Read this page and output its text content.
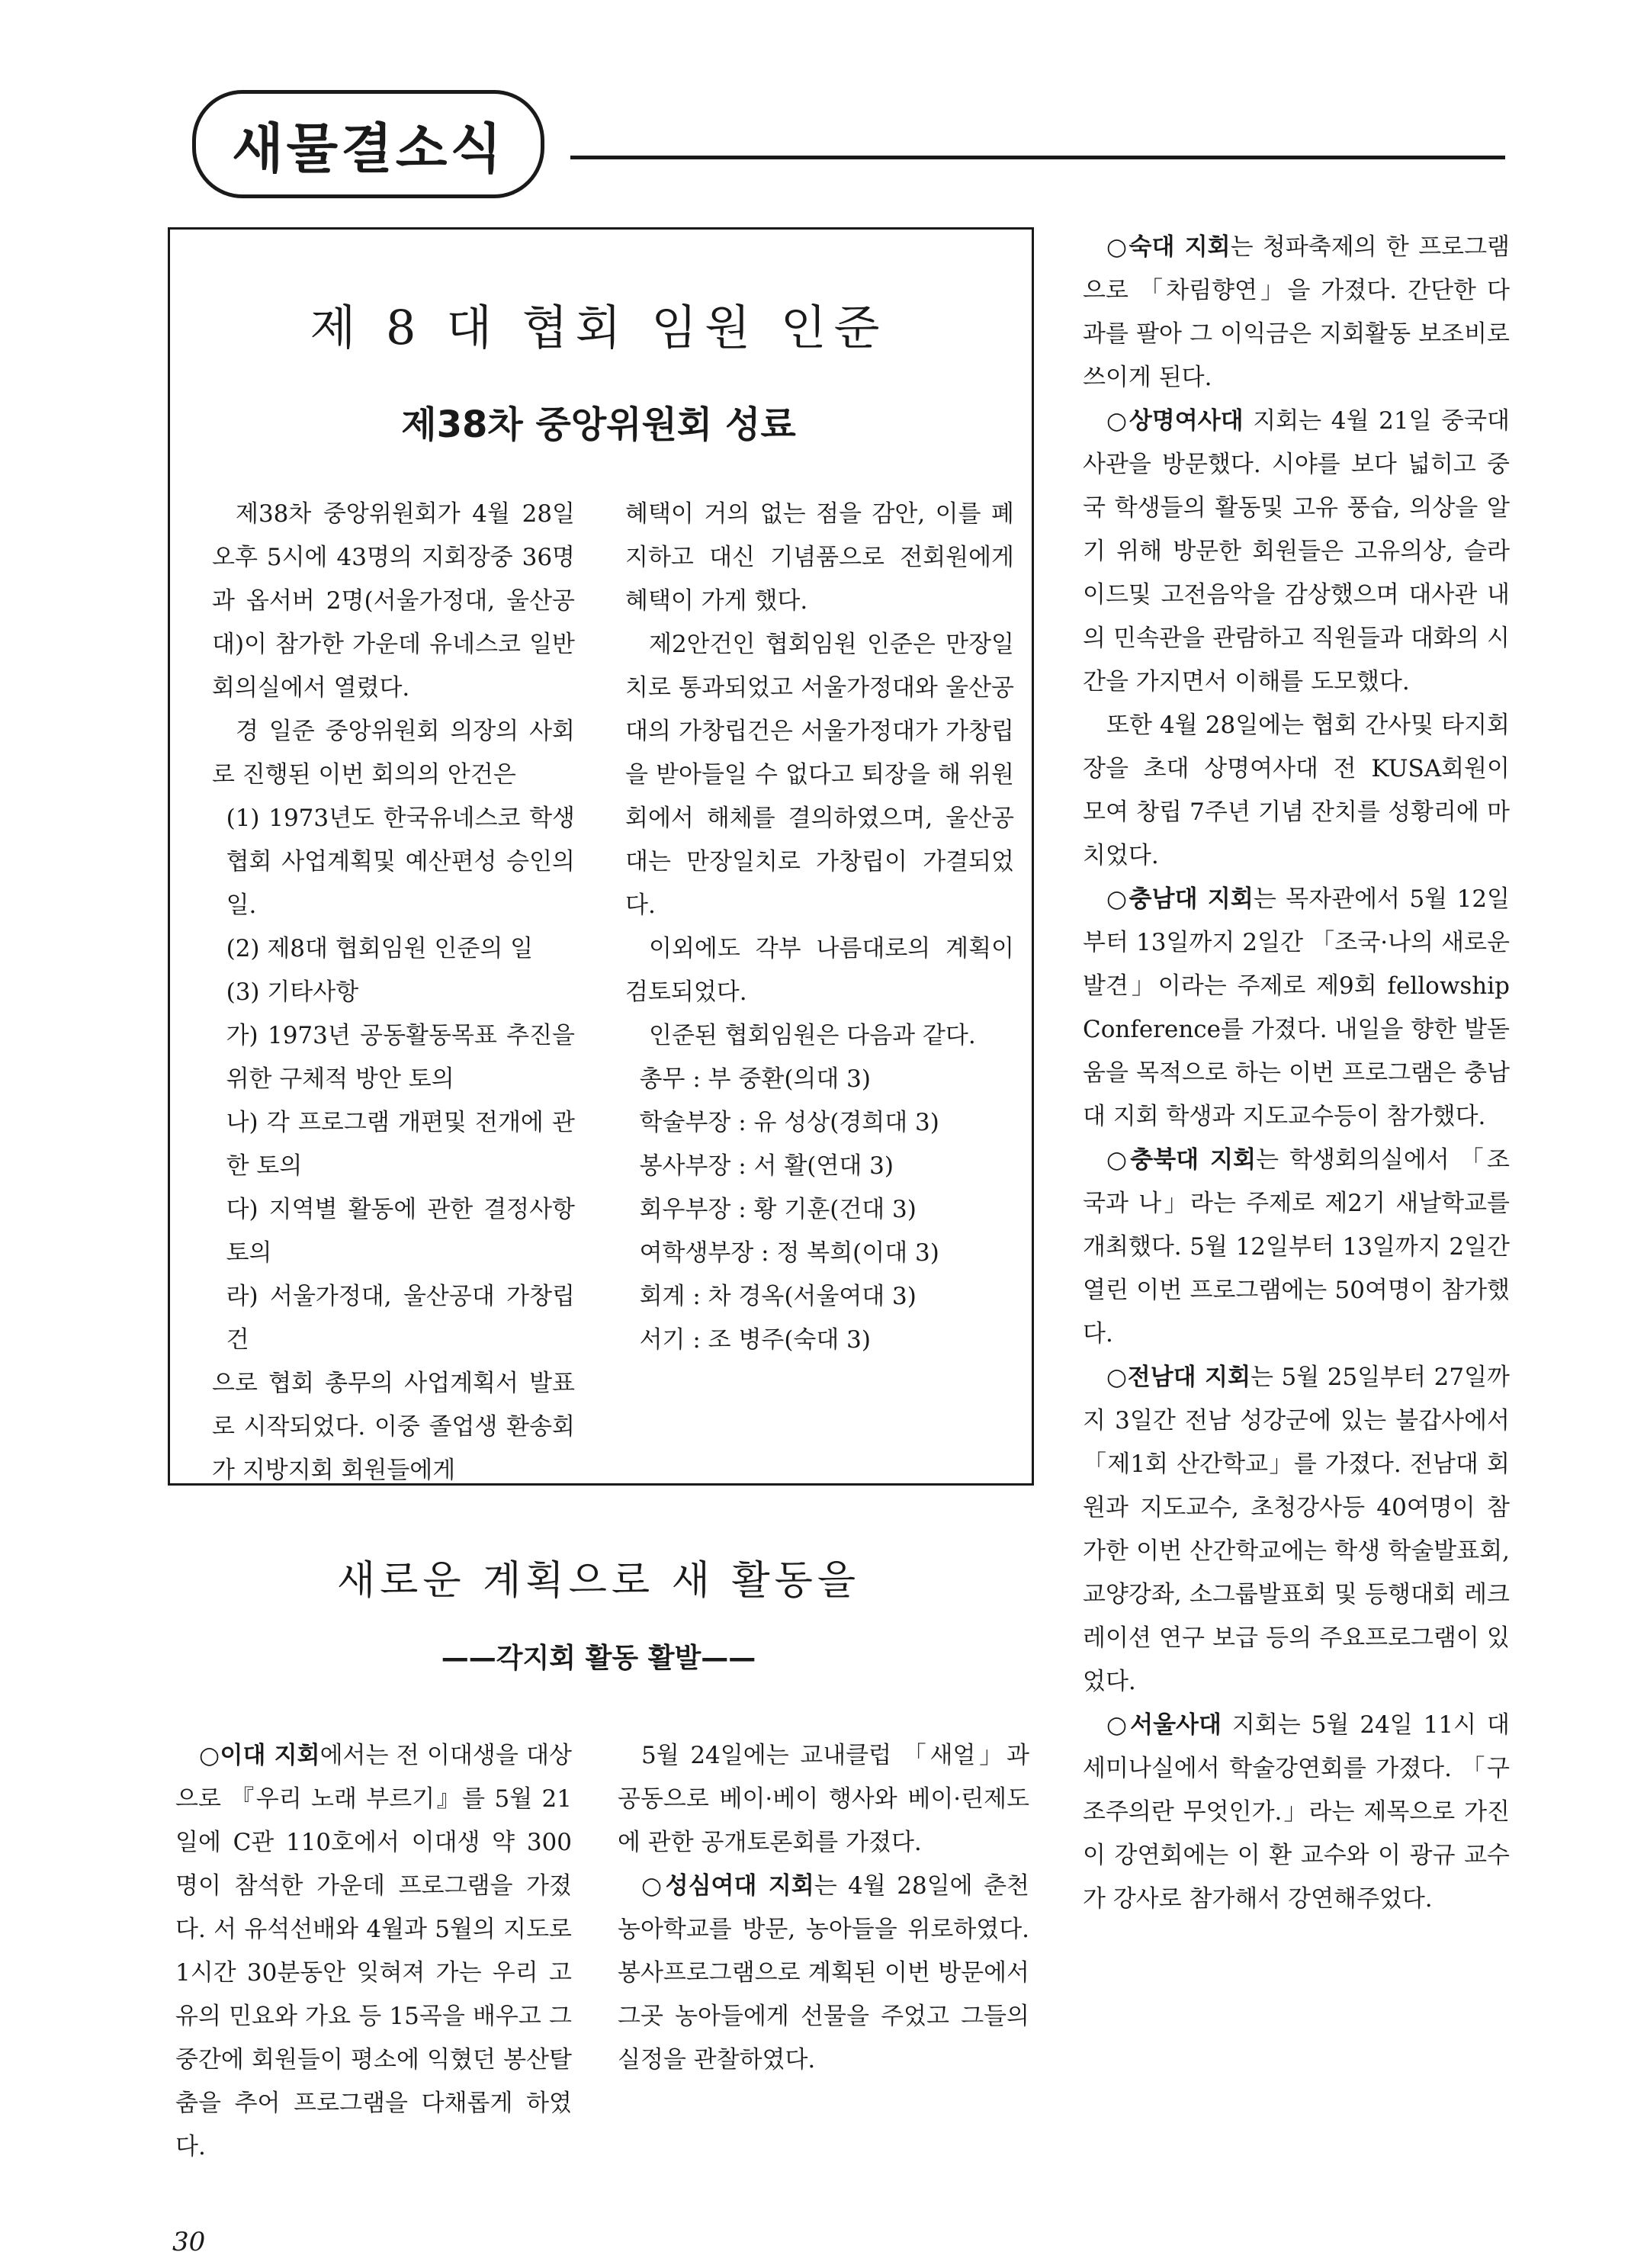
새물결소식
제 8 대 협회 임원 인준
제38차 중앙위원회 성료

제38차 중앙위원회가 4월 28일 오후 5시에 43명의 지회장중 36명과 옵서버 2명(서울가정대, 울산공대)이 참가한 가운데 유네스코 일반회의실에서 열렸다.

경 일준 중앙위원회 의장의 사회로 진행된 이번 회의의 안건은

(1) 1973년도 한국유네스코 학생협회 사업계획및 예산편성 승인의 일.

(2) 제8대 협회임원 인준의 일

(3) 기타사항

가) 1973년 공동활동목표 추진을 위한 구체적 방안 토의

나) 각 프로그램 개편및 전개에 관한 토의

다) 지역별 활동에 관한 결정사항 토의

라) 서울가정대, 울산공대 가창립건

으로 협회 총무의 사업계획서 발표로 시작되었다. 이중 졸업생 환송회가 지방지회 회원들에게

혜택이 거의 없는 점을 감안, 이를 폐지하고 대신 기념품으로 전회원에게 혜택이 가게 했다.

제2안건인 협회임원 인준은 만장일치로 통과되었고 서울가정대와 울산공대의 가창립건은 서울가정대가 가창립을 받아들일 수 없다고 퇴장을 해 위원회에서 해체를 결의하였으며, 울산공대는 만장일치로 가창립이 가결되었다.

이외에도 각부 나름대로의 계획이 검토되었다.

인준된 협회임원은 다음과 같다.

총무 : 부 중환(의대 3)

학술부장 : 유 성상(경희대 3)

봉사부장 : 서 활(연대 3)

회우부장 : 황 기훈(건대 3)

여학생부장 : 정 복희(이대 3)

회계 : 차 경옥(서울여대 3)

서기 : 조 병주(숙대 3)

새로운 계획으로 새 활동을
——각지회 활동 활발——

○이대 지회에서는 전 이대생을 대상으로 『우리 노래 부르기』를 5월 21일에 C관 110호에서 이대생 약 300명이 참석한 가운데 프로그램을 가졌다. 서 유석선배와 4월과 5월의 지도로 1시간 30분동안 잊혀져 가는 우리 고유의 민요와 가요 등 15곡을 배우고 그 중간에 회원들이 평소에 익혔던 봉산탈춤을 추어 프로그램을 다채롭게 하였다.

5월 24일에는 교내클럽 「새얼」과 공동으로 베이·베이 행사와 베이·린제도에 관한 공개토론회를 가졌다.

○성심여대 지회는 4월 28일에 춘천 농아학교를 방문, 농아들을 위로하였다. 봉사프로그램으로 계획된 이번 방문에서 그곳 농아들에게 선물을 주었고 그들의 실정을 관찰하였다.

○숙대 지회는 청파축제의 한 프로그램으로 「차림향연」을 가졌다. 간단한 다과를 팔아 그 이익금은 지회활동 보조비로 쓰이게 된다.

○상명여사대 지회는 4월 21일 중국대사관을 방문했다. 시야를 보다 넓히고 중국 학생들의 활동및 고유 풍습, 의상을 알기 위해 방문한 회원들은 고유의상, 슬라이드및 고전음악을 감상했으며 대사관 내의 민속관을 관람하고 직원들과 대화의 시간을 가지면서 이해를 도모했다.

또한 4월 28일에는 협회 간사및 타지회장을 초대 상명여사대 전 KUSA회원이 모여 창립 7주년 기념 잔치를 성황리에 마치었다.

○충남대 지회는 목자관에서 5월 12일부터 13일까지 2일간 「조국·나의 새로운 발견」이라는 주제로 제9회 fellowship Conference를 가졌다. 내일을 향한 발돋움을 목적으로 하는 이번 프로그램은 충남대 지회 학생과 지도교수등이 참가했다.

○충북대 지회는 학생회의실에서 「조국과 나」라는 주제로 제2기 새날학교를 개최했다. 5월 12일부터 13일까지 2일간 열린 이번 프로그램에는 50여명이 참가했다.

○전남대 지회는 5월 25일부터 27일까지 3일간 전남 성강군에 있는 불갑사에서 「제1회 산간학교」를 가졌다. 전남대 회원과 지도교수, 초청강사등 40여명이 참가한 이번 산간학교에는 학생 학술발표회, 교양강좌, 소그룹발표회 및 등행대회 레크레이션 연구 보급 등의 주요프로그램이 있었다.

○서울사대 지회는 5월 24일 11시 대세미나실에서 학술강연회를 가졌다. 「구조주의란 무엇인가.」라는 제목으로 가진 이 강연회에는 이 환 교수와 이 광규 교수가 강사로 참가해서 강연해주었다.

30
